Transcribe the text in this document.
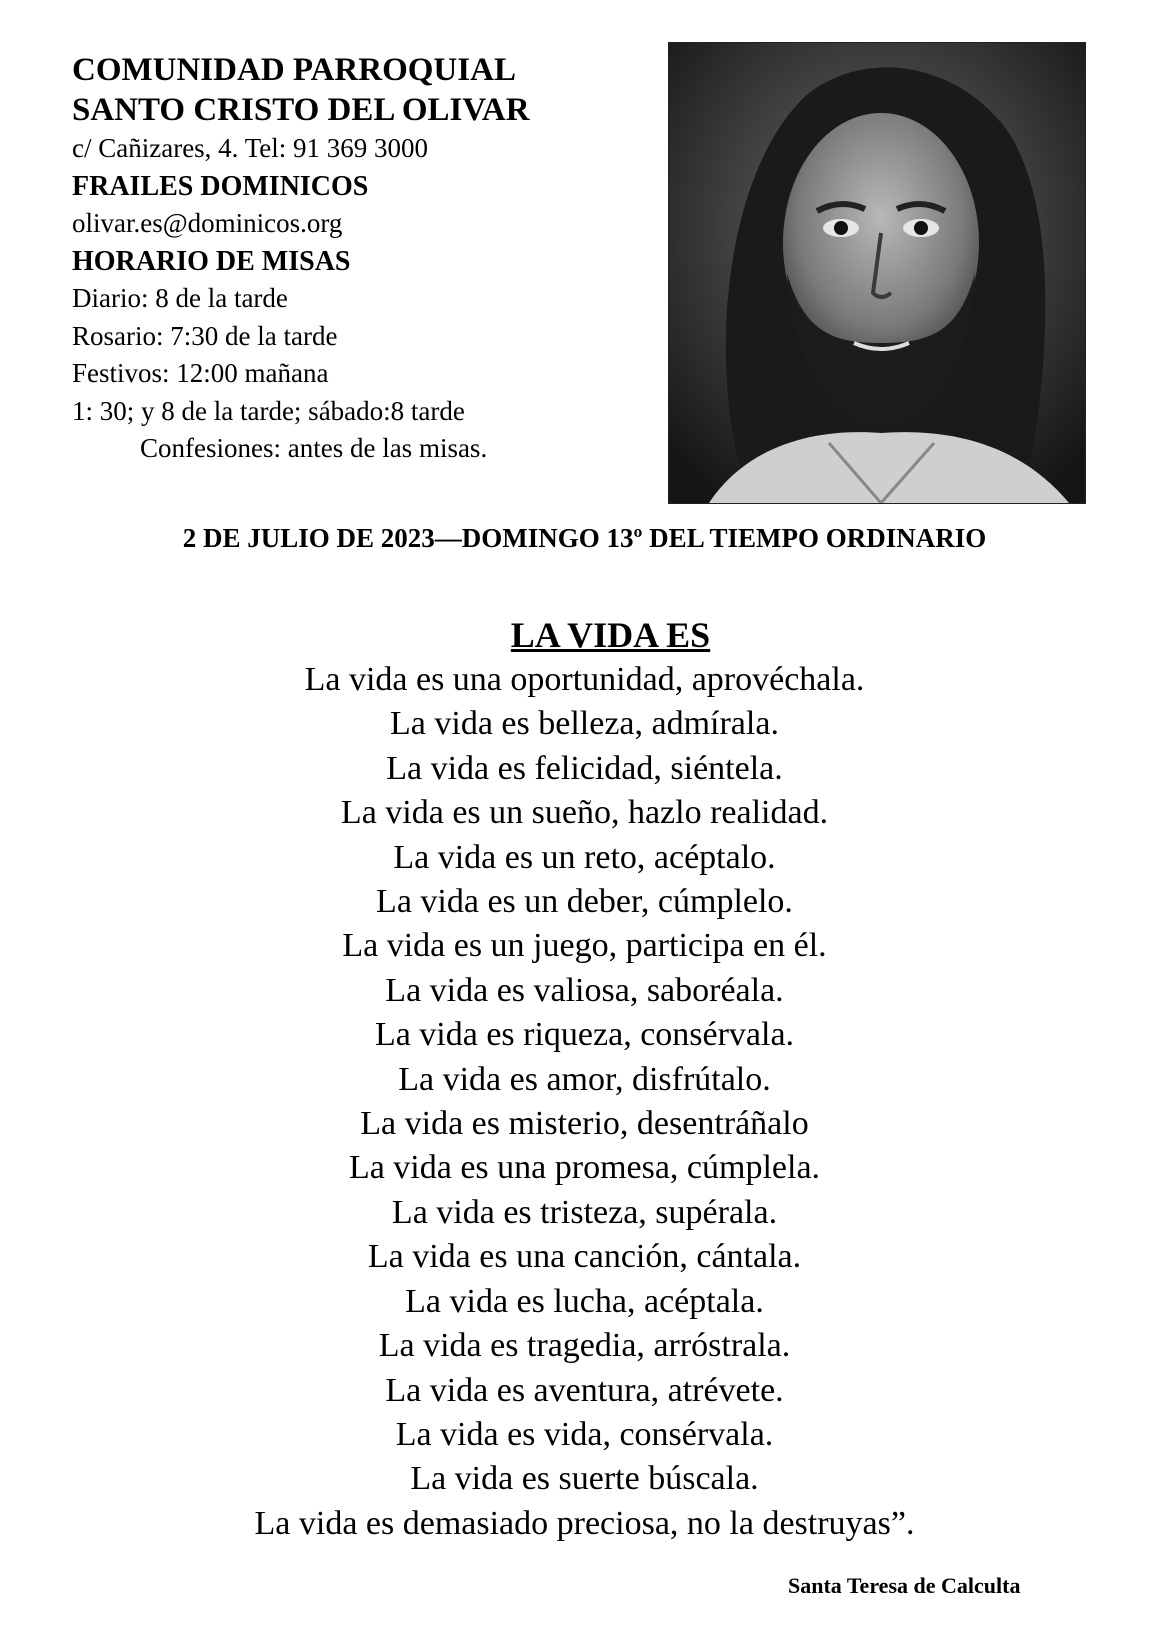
COMUNIDAD PARROQUIAL

SANTO CRISTO DEL OLIVAR

c/ Cañizares, 4. Tel: 91 369 3000

FRAILES DOMINICOS

olivar.es@dominicos.org

HORARIO DE MISAS

Diario: 8 de la tarde

Rosario: 7:30 de la tarde

Festivos: 12:00 mañana

1: 30; y 8 de la tarde; sábado:8 tarde

Confesiones: antes de las misas.

2 DE JULIO DE 2023—DOMINGO 13º DEL TIEMPO ORDINARIO

LA VIDA ES

La vida es una oportunidad, aprovéchala.

La vida es belleza, admírala.

La vida es felicidad, siéntela.

La vida es un sueño, hazlo realidad.

La vida es un reto, acéptalo.

La vida es un deber, cúmplelo.

La vida es un juego, participa en él.

La vida es valiosa, saboréala.

La vida es riqueza, consérvala.

La vida es amor, disfrútalo.

La vida es misterio, desentráñalo

La vida es una promesa, cúmplela.

La vida es tristeza, supérala.

La vida es una canción, cántala.

La vida es lucha, acéptala.

La vida es tragedia, arróstrala.

La vida es aventura, atrévete.

La vida es vida, consérvala.

La vida es suerte búscala.

La vida es demasiado preciosa, no la destruyas”.

Santa Teresa de Calculta
